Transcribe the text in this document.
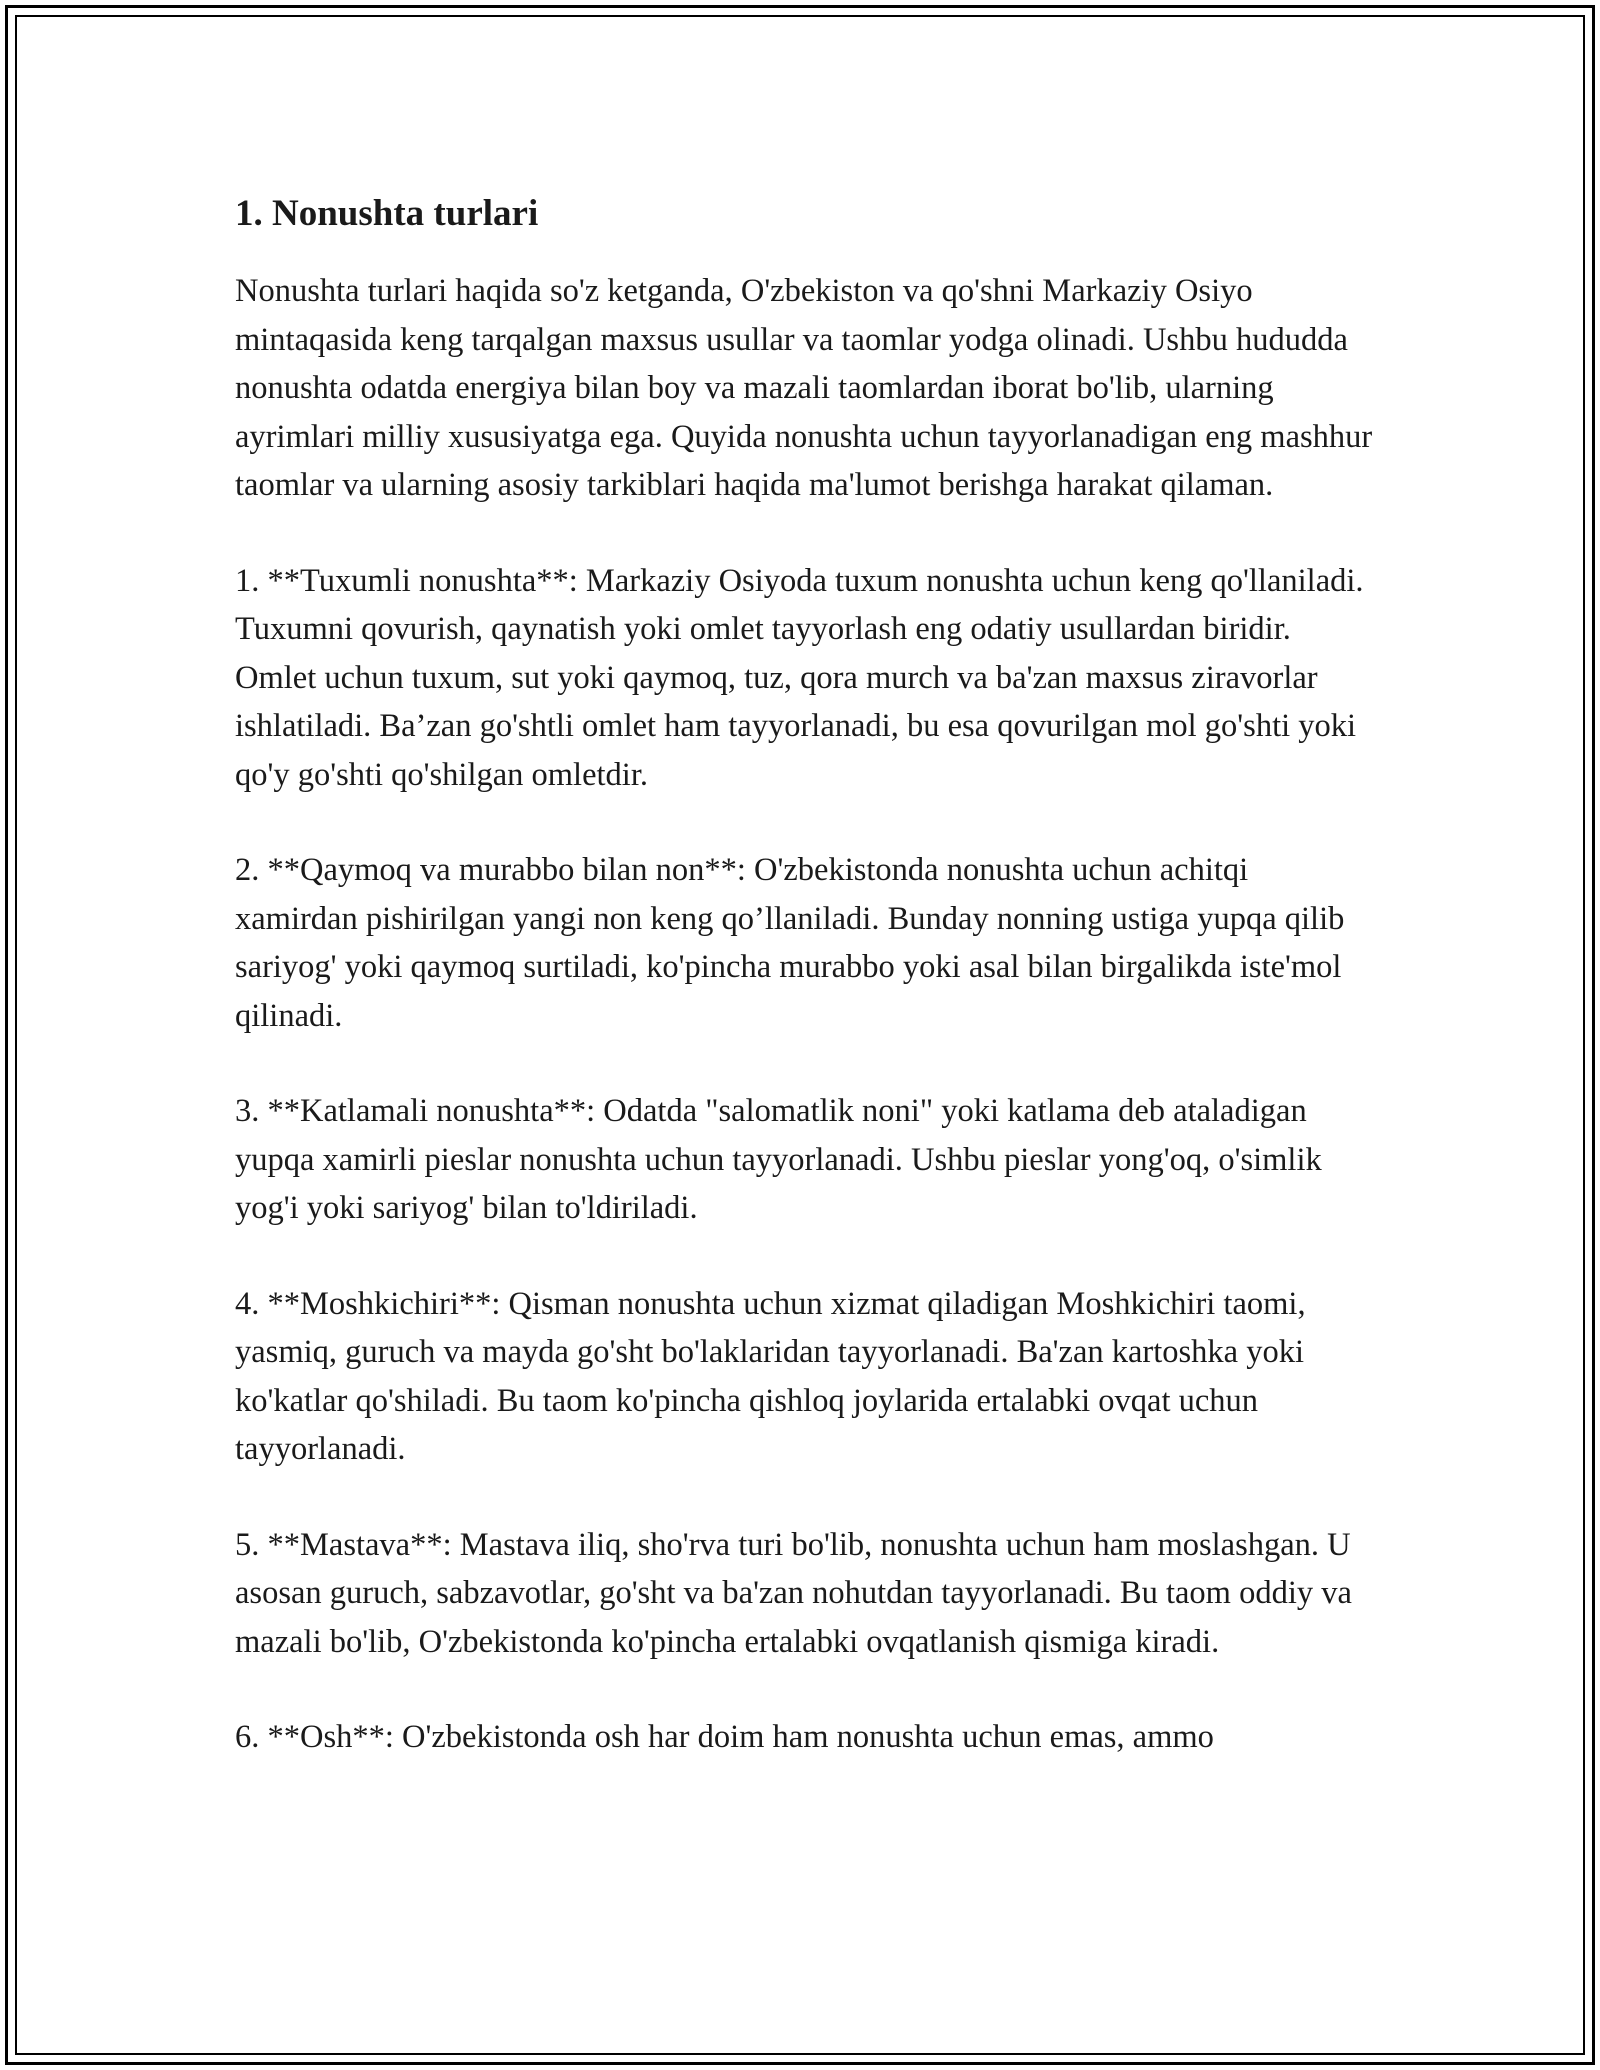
1. Nonushta turlari

Nonushta turlari haqida so'z ketganda, O'zbekiston va qo'shni Markaziy Osiyo mintaqasida keng tarqalgan maxsus usullar va taomlar yodga olinadi. Ushbu hududda nonushta odatda energiya bilan boy va mazali taomlardan iborat bo'lib, ularning ayrimlari milliy xususiyatga ega. Quyida nonushta uchun tayyorlanadigan eng mashhur taomlar va ularning asosiy tarkiblari haqida ma'lumot berishga harakat qilaman.

1. **Tuxumli nonushta**: Markaziy Osiyoda tuxum nonushta uchun keng qo'llaniladi. Tuxumni qovurish, qaynatish yoki omlet tayyorlash eng odatiy usullardan biridir. Omlet uchun tuxum, sut yoki qaymoq, tuz, qora murch va ba'zan maxsus ziravorlar ishlatiladi. Ba’zan go'shtli omlet ham tayyorlanadi, bu esa qovurilgan mol go'shti yoki qo'y go'shti qo'shilgan omletdir.

2. **Qaymoq va murabbo bilan non**: O'zbekistonda nonushta uchun achitqi xamirdan pishirilgan yangi non keng qo’llaniladi. Bunday nonning ustiga yupqa qilib sariyog' yoki qaymoq surtiladi, ko'pincha murabbo yoki asal bilan birgalikda iste'mol qilinadi.

3. **Katlamali nonushta**: Odatda "salomatlik noni" yoki katlama deb ataladigan yupqa xamirli pieslar nonushta uchun tayyorlanadi. Ushbu pieslar yong'oq, o'simlik yog'i yoki sariyog' bilan to'ldiriladi.

4. **Moshkichiri**: Qisman nonushta uchun xizmat qiladigan Moshkichiri taomi, yasmiq, guruch va mayda go'sht bo'laklaridan tayyorlanadi. Ba'zan kartoshka yoki ko'katlar qo'shiladi. Bu taom ko'pincha qishloq joylarida ertalabki ovqat uchun tayyorlanadi.

5. **Mastava**: Mastava iliq, sho'rva turi bo'lib, nonushta uchun ham moslashgan. U asosan guruch, sabzavotlar, go'sht va ba'zan nohutdan tayyorlanadi. Bu taom oddiy va mazali bo'lib, O'zbekistonda ko'pincha ertalabki ovqatlanish qismiga kiradi.

6. **Osh**: O'zbekistonda osh har doim ham nonushta uchun emas, ammo
